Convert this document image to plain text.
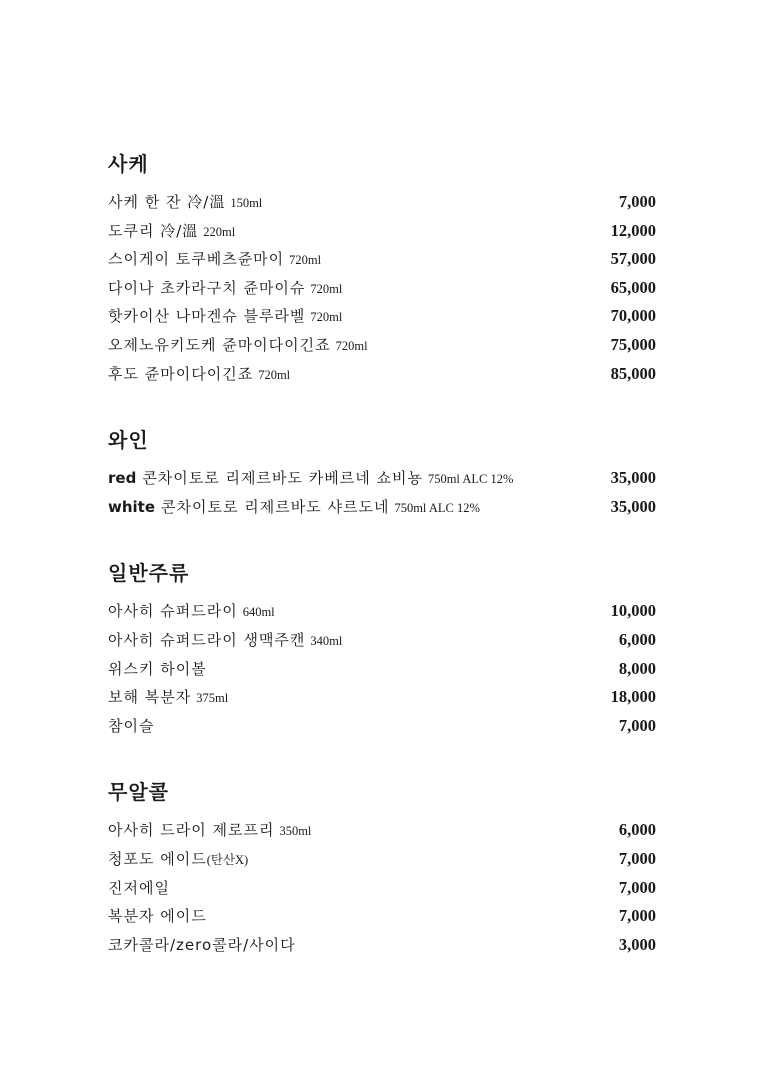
사케
사케 한 잔 冷/溫 150ml	7,000
도쿠리 冷/溫 220ml	12,000
스이게이 토쿠베츠쥰마이 720ml	57,000
다이나 초카라구치 쥰마이슈 720ml	65,000
핫카이산 나마겐슈 블루라벨 720ml	70,000
오제노유키도케 쥰마이다이긴죠 720ml	75,000
후도 쥰마이다이긴죠 720ml	85,000
와인
red 콘차이토로 리제르바도 카베르네 쇼비뇽 750ml ALC 12%	35,000
white 콘차이토로 리제르바도 샤르도네 750ml ALC 12%	35,000
일반주류
아사히 슈퍼드라이 640ml	10,000
아사히 슈퍼드라이 생맥주캔 340ml	6,000
위스키 하이볼	8,000
보해 복분자 375ml	18,000
참이슬	7,000
무알콜
아사히 드라이 제로프리 350ml	6,000
청포도 에이드(탄산X)	7,000
진저에일	7,000
복분자 에이드	7,000
코카콜라/zero콜라/사이다	3,000
